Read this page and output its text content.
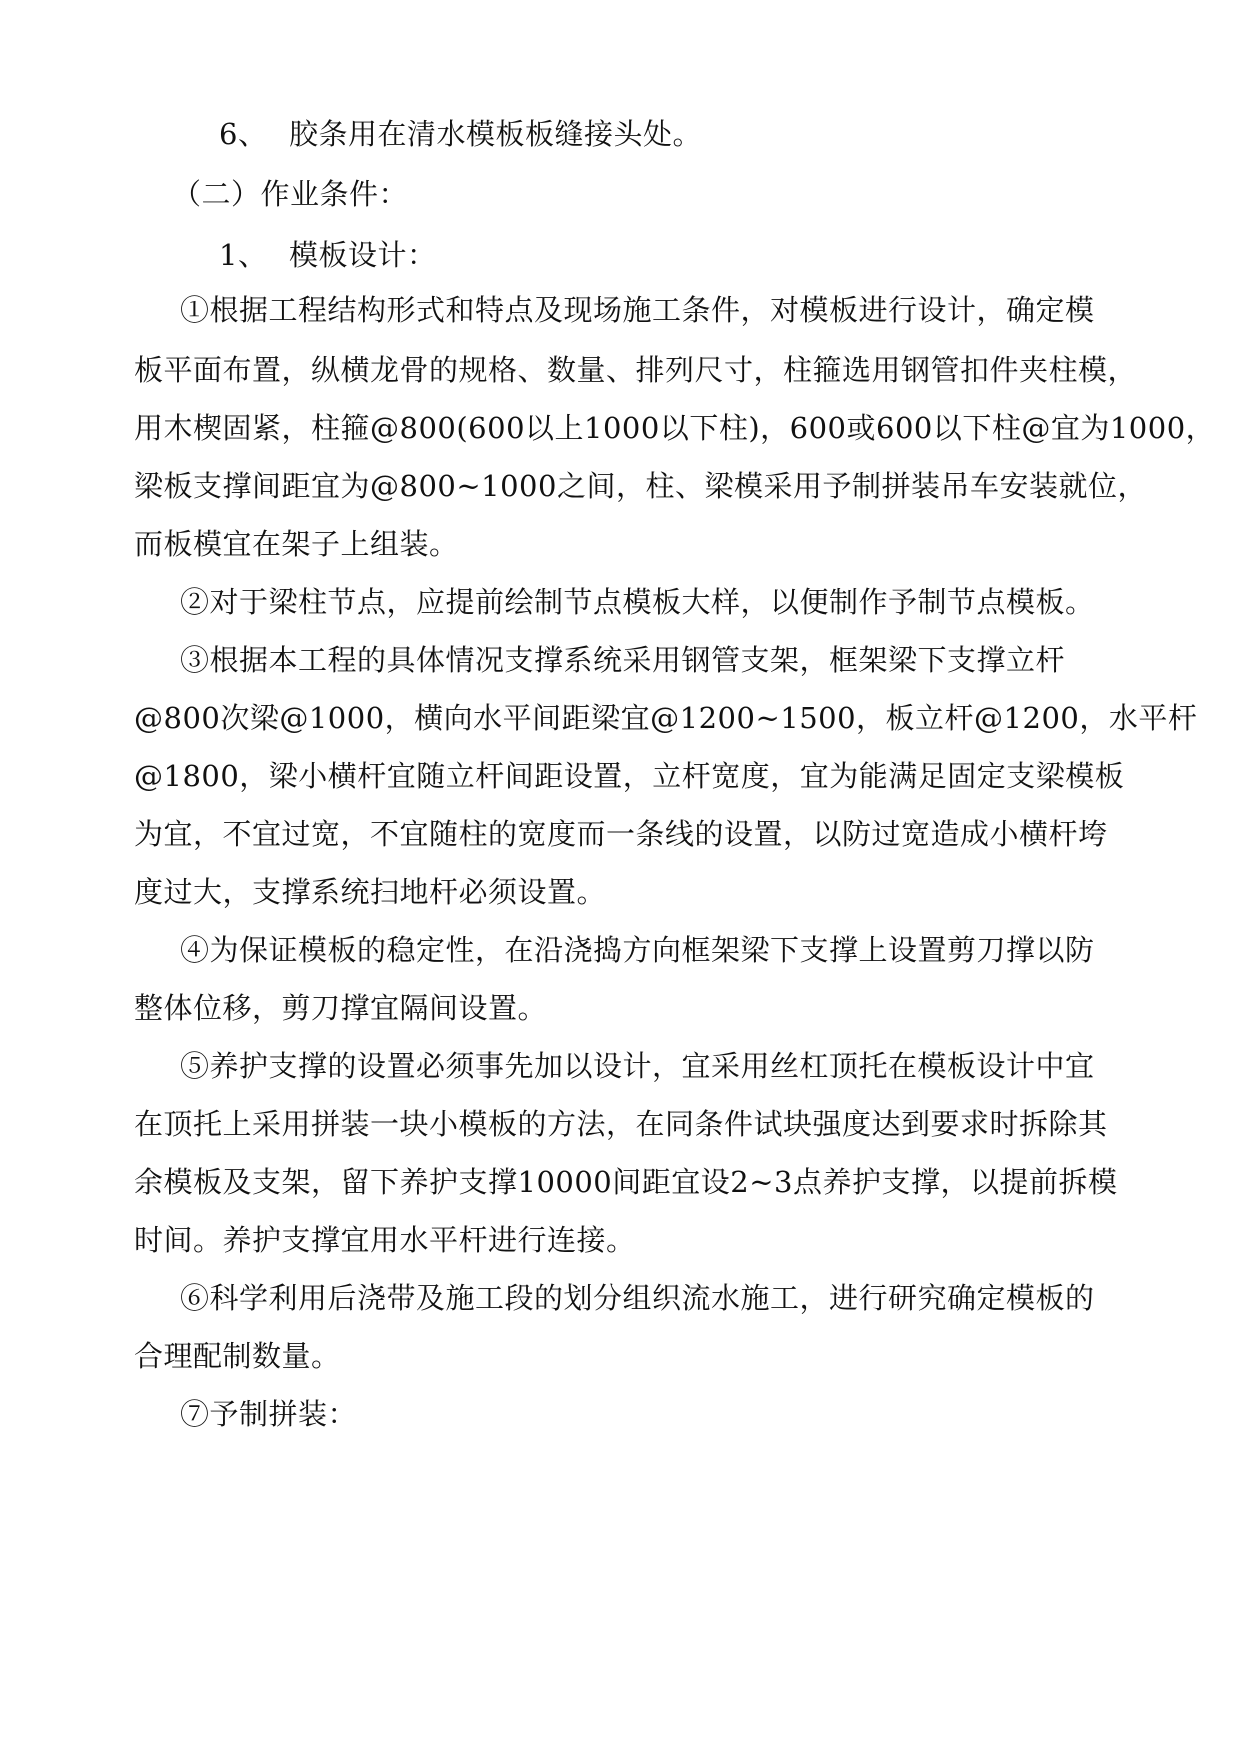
6、 胶条用在清水模板板缝接头处。
（二）作业条件：
1、 模板设计：
①根据工程结构形式和特点及现场施工条件，对模板进行设计，确定模
板平面布置，纵横龙骨的规格、数量、排列尺寸，柱箍选用钢管扣件夹柱模，
用木楔固紧，柱箍@800(600以上1000以下柱)，600或600以下柱@宜为1000，
梁板支撑间距宜为@800~1000之间，柱、梁模采用予制拼装吊车安装就位，
而板模宜在架子上组装。
②对于梁柱节点，应提前绘制节点模板大样，以便制作予制节点模板。
③根据本工程的具体情况支撑系统采用钢管支架，框架梁下支撑立杆
@800次梁@1000，横向水平间距梁宜@1200~1500，板立杆@1200，水平杆
@1800，梁小横杆宜随立杆间距设置，立杆宽度，宜为能满足固定支梁模板
为宜，不宜过宽，不宜随柱的宽度而一条线的设置，以防过宽造成小横杆垮
度过大，支撑系统扫地杆必须设置。
④为保证模板的稳定性，在沿浇捣方向框架梁下支撑上设置剪刀撑以防
整体位移，剪刀撑宜隔间设置。
⑤养护支撑的设置必须事先加以设计，宜采用丝杠顶托在模板设计中宜
在顶托上采用拼装一块小模板的方法，在同条件试块强度达到要求时拆除其
余模板及支架，留下养护支撑10000间距宜设2~3点养护支撑，以提前拆模
时间。养护支撑宜用水平杆进行连接。
⑥科学利用后浇带及施工段的划分组织流水施工，进行研究确定模板的
合理配制数量。
⑦予制拼装：
